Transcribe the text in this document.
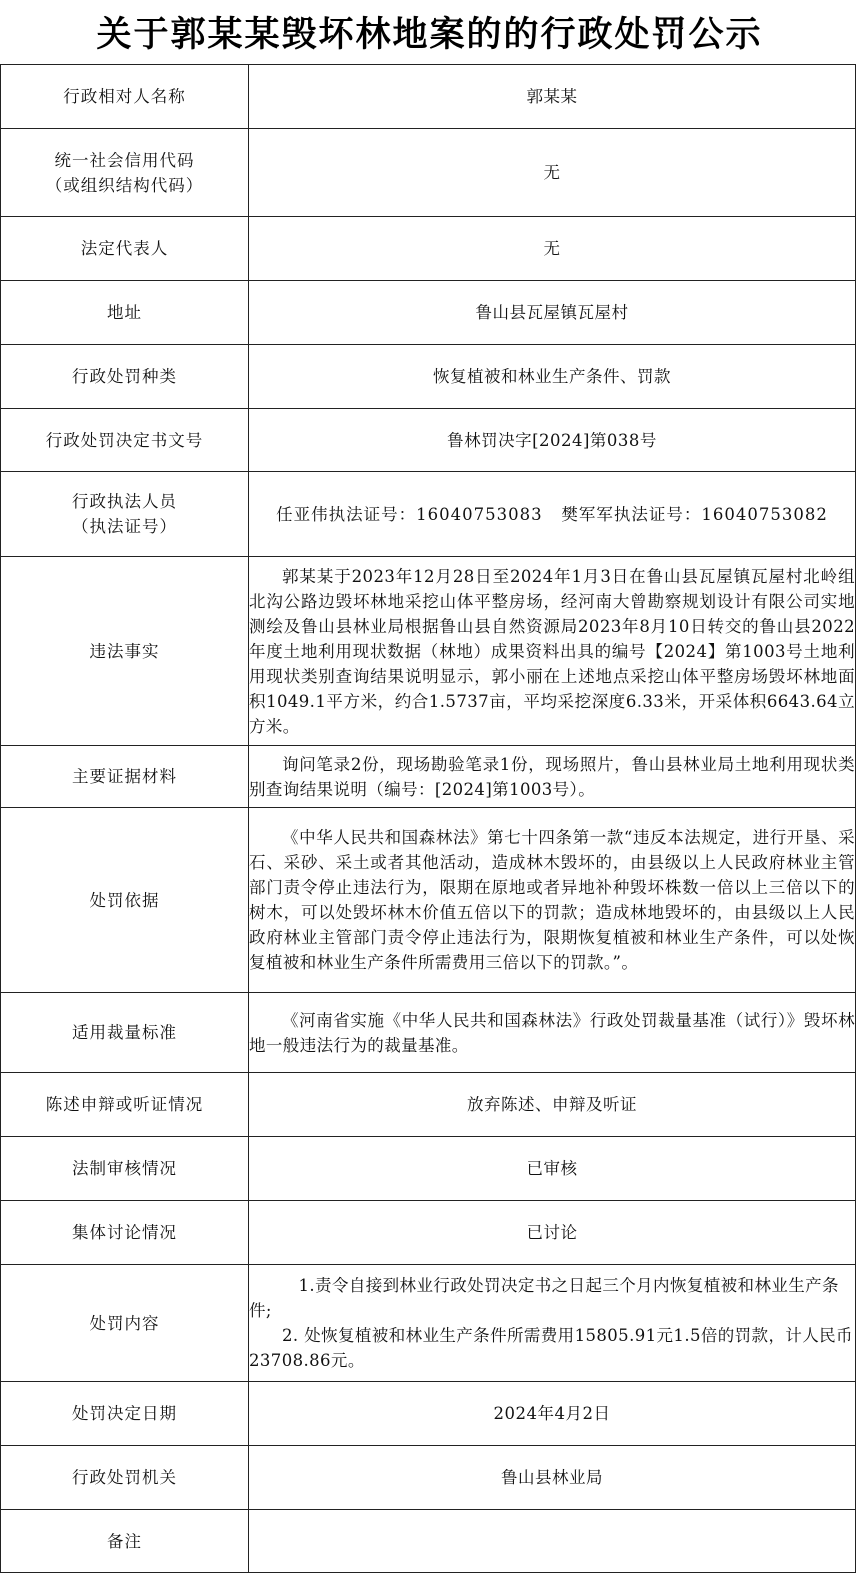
关于郭某某毁坏林地案的的行政处罚公示
行政相对人名称	郭某某

统一社会信用代码
（或组织结构代码）	无
法定代表人	无
地址	鲁山县瓦屋镇瓦屋村
行政处罚种类	恢复植被和林业生产条件、罚款
行政处罚决定书文号	鲁林罚决字[2024]第038号

行政执法人员
（执法证号）	任亚伟执法证号：16040753083   樊军军执法证号：16040753082
违法事实	郭某某于2023年12月28日至2024年1月3日在鲁山县瓦屋镇瓦屋村北岭组北沟公路边毁坏林地采挖山体平整房场，经河南大曾勘察规划设计有限公司实地测绘及鲁山县林业局根据鲁山县自然资源局2023年8月10日转交的鲁山县2022年度土地利用现状数据（林地）成果资料出具的编号【2024】第1003号土地利用现状类别查询结果说明显示，郭小丽在上述地点采挖山体平整房场毁坏林地面积1049.1平方米，约合1.5737亩，平均采挖深度6.33米，开采体积6643.64立方米。
主要证据材料	询问笔录2份，现场勘验笔录1份，现场照片，鲁山县林业局土地利用现状类别查询结果说明（编号：[2024]第1003号）。
处罚依据	《中华人民共和国森林法》第七十四条第一款“违反本法规定，进行开垦、采石、采砂、采土或者其他活动，造成林木毁坏的，由县级以上人民政府林业主管部门责令停止违法行为，限期在原地或者异地补种毁坏株数一倍以上三倍以下的树木，可以处毁坏林木价值五倍以下的罚款；造成林地毁坏的，由县级以上人民政府林业主管部门责令停止违法行为，限期恢复植被和林业生产条件，可以处恢复植被和林业生产条件所需费用三倍以下的罚款。”。
适用裁量标准	《河南省实施《中华人民共和国森林法》行政处罚裁量基准（试行）》毁坏林地一般违法行为的裁量基准。
陈述申辩或听证情况	放弃陈述、申辩及听证
法制审核情况	已审核
集体讨论情况	已讨论
处罚内容	1.责令自接到林业行政处罚决定书之日起三个月内恢复植被和林业生产条件;
2. 处恢复植被和林业生产条件所需费用15805.91元1.5倍的罚款，计人民币23708.86元。

处罚决定日期	2024年4月2日
行政处罚机关	鲁山县林业局
备注	
